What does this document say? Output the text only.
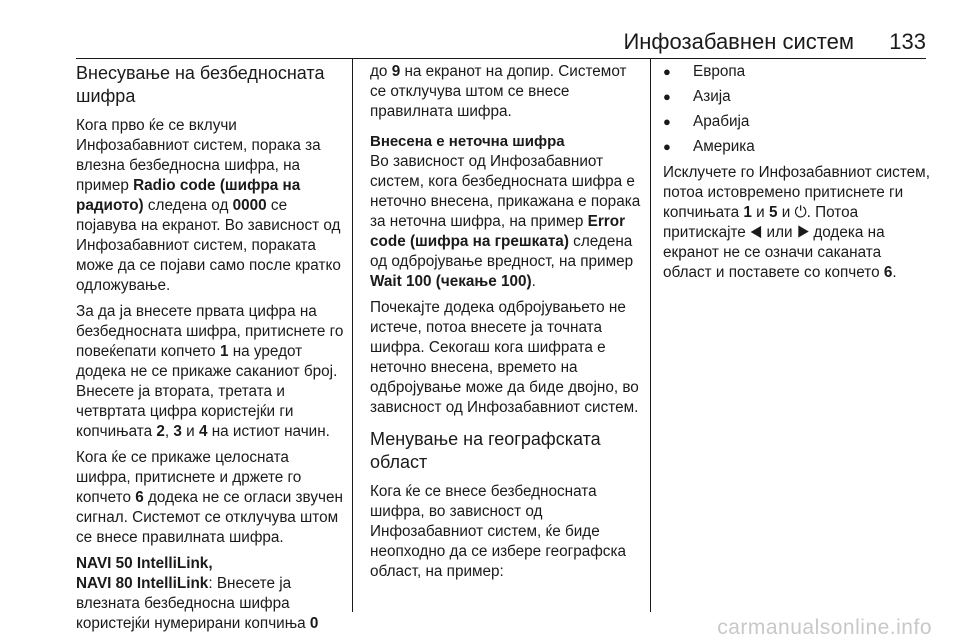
Инфозабавнен систем 133
Внесување на безбедносната шифра

Кога прво ќе се вклучи Инфозабавниот систем, порака за влезна безбедносна шифра, на пример Radio code (шифра на радиото) следена од 0000 се појавува на екранот. Во зависност од Инфозабавниот систем, пораката може да се појави само после кратко одложување.

За да ја внесете првата цифра на безбедносната шифра, притиснете го повеќепати копчето 1 на уредот додека не се прикаже саканиот број. Внесете ја втората, третата и четвртата цифра користејќи ги копчињата 2, 3 и 4 на истиот начин.

Кога ќе се прикаже целосната шифра, притиснете и држете го копчето 6 додека не се огласи звучен сигнал. Системот се отклучува штом се внесе правилната шифра.

NAVI 50 IntelliLink,
NAVI 80 IntelliLink: Внесете ја влезната безбедносна шифра користејќи нумерирани копчиња 0

до 9 на екранот на допир. Системот се отклучува штом се внесе правилната шифра.

Внесена е неточна шифра

Во зависност од Инфозабавниот систем, кога безбедносната шифра е неточно внесена, прикажана е порака за неточна шифра, на пример Error code (шифра на грешката) следена од одбројување вредност, на пример Wait 100 (чекање 100).

Почекајте додека одбројувањето не истече, потоа внесете ја точната шифра. Секогаш кога шифрата е неточно внесена, времето на одбројување може да биде двојно, во зависност од Инфозабавниот систем.

Менување на географската област

Кога ќе се внесе безбедносната шифра, во зависност од Инфозабавниот систем, ќе биде неопходно да се избере географска област, на пример:

● Европа
● Азија
● Арабија
● Америка

Исклучете го Инфозабавниот систем, потоа истовремено притиснете ги копчињата 1 и 5 и ⏻. Потоа притискајте ◀ или ▶ додека на екранот не се означи саканата област и поставете со копчето 6.

carmanualsonline.info
